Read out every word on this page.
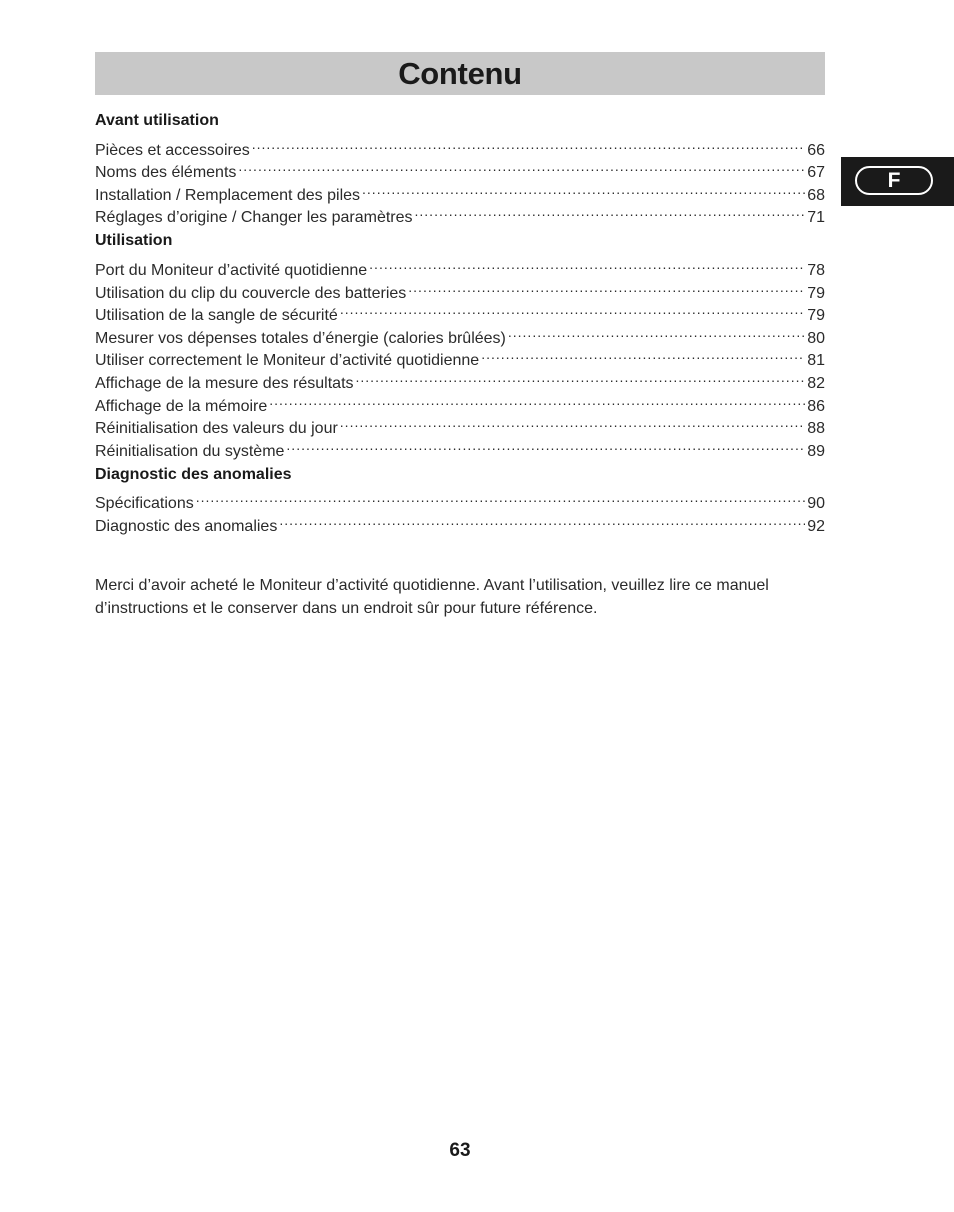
Contenu
F
Avant utilisation
Pièces et accessoires .....	66
Noms des éléments .....	67
Installation / Remplacement des piles .....	68
Réglages d’origine / Changer les paramètres .....	71
Utilisation
Port du Moniteur d’activité quotidienne .....	78
Utilisation du clip du couvercle des batteries .....	79
Utilisation de la sangle de sécurité .....	79
Mesurer vos dépenses totales d’énergie (calories brûlées) .....	80
Utiliser correctement le Moniteur d’activité quotidienne .....	81
Affichage de la mesure des résultats .....	82
Affichage de la mémoire .....	86
Réinitialisation des valeurs du jour .....	88
Réinitialisation du système .....	89
Diagnostic des anomalies
Spécifications .....	90
Diagnostic des anomalies .....	92

Merci d’avoir acheté le Moniteur d’activité quotidienne. Avant l’utilisation, veuillez lire ce manuel d’instructions et le conserver dans un endroit sûr pour future référence.

63
